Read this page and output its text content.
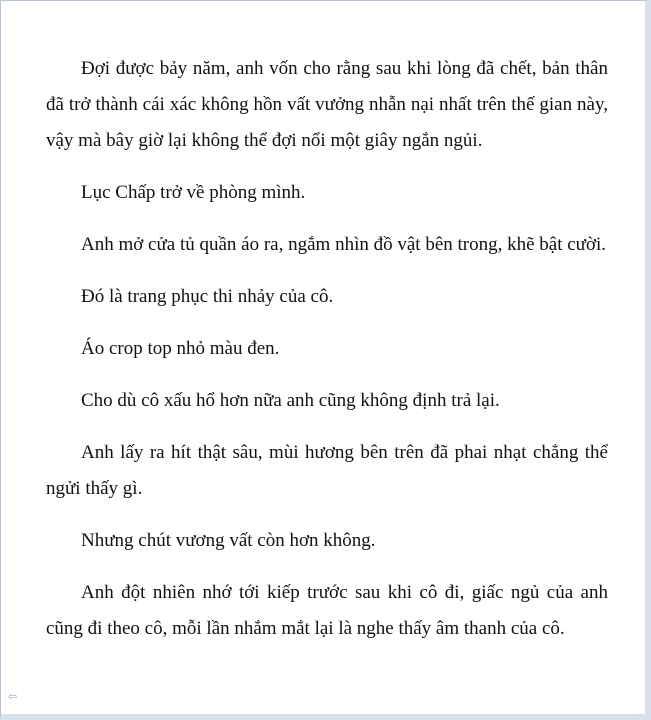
Đợi được bảy năm, anh vốn cho rằng sau khi lòng đã chết, bản thân đã trở thành cái xác không hồn vất vưởng nhẫn nại nhất trên thế gian này, vậy mà bây giờ lại không thể đợi nổi một giây ngắn ngủi.

Lục Chấp trở về phòng mình.

Anh mở cửa tủ quần áo ra, ngắm nhìn đồ vật bên trong, khẽ bật cười.

Đó là trang phục thi nhảy của cô.

Áo crop top nhỏ màu đen.

Cho dù cô xấu hổ hơn nữa anh cũng không định trả lại.

Anh lấy ra hít thật sâu, mùi hương bên trên đã phai nhạt chẳng thể ngửi thấy gì.

Nhưng chút vương vất còn hơn không.

Anh đột nhiên nhớ tới kiếp trước sau khi cô đi, giấc ngủ của anh cũng đi theo cô, mỗi lần nhắm mắt lại là nghe thấy âm thanh của cô.

⇦
